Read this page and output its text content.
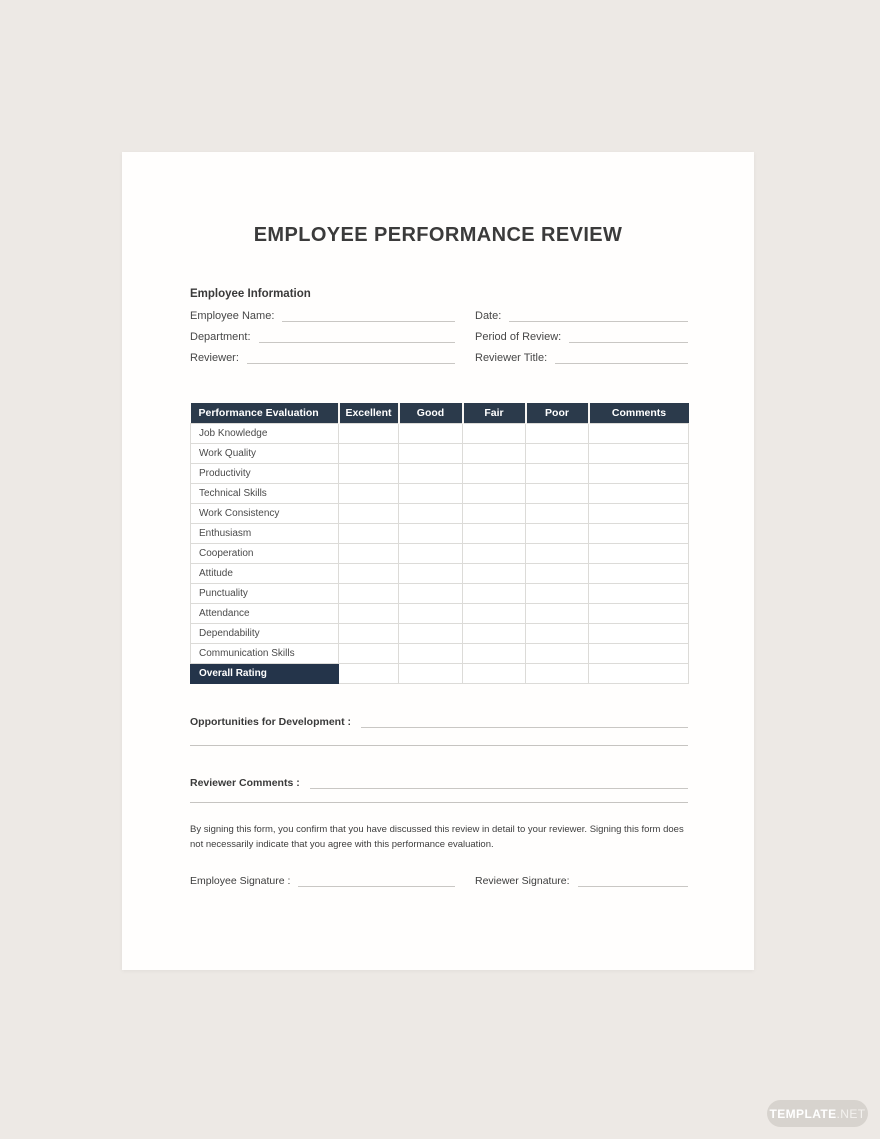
EMPLOYEE PERFORMANCE REVIEW
Employee Information
Employee Name:	Date:
Department:	Period of Review:
Reviewer:	Reviewer Title:
Performance Evaluation	Excellent	Good	Fair	Poor	Comments
Job Knowledge					
Work Quality					
Productivity					
Technical Skills					
Work Consistency					
Enthusiasm					
Cooperation					
Attitude					
Punctuality					
Attendance					
Dependability					
Communication Skills					
Overall Rating					
Opportunities for Development :
Reviewer Comments :

By signing this form, you confirm that you have discussed this review in detail to your reviewer. Signing this form does not necessarily indicate that you agree with this performance evaluation.

Employee Signature :	Reviewer Signature:
TEMPLATE .NET
